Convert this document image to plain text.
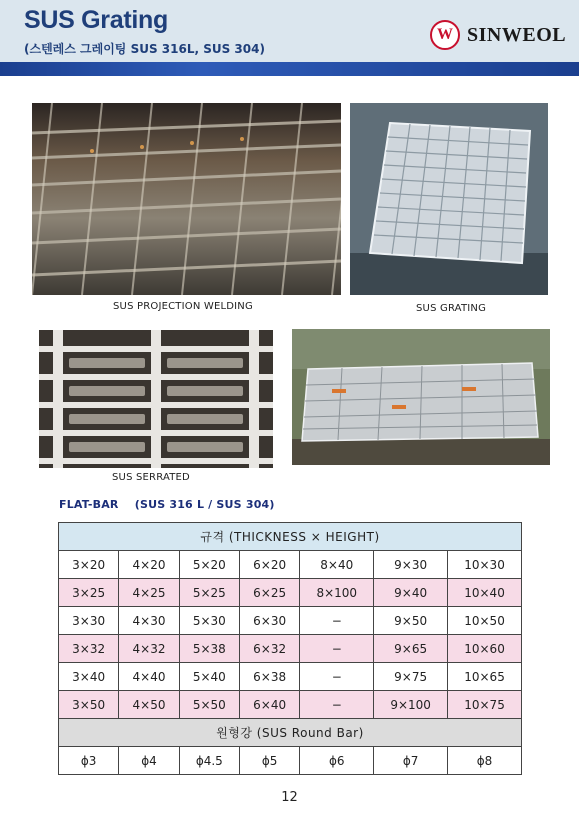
SUS Grating
(스텐레스 그레이팅 SUS 316L, SUS 304)
W SINWEOL
SUS PROJECTION WELDING	SUS GRATING
SUS SERRATED
FLAT-BAR    (SUS 316 L / SUS 304)
규격 (THICKNESS × HEIGHT)						
3×20	4×20	5×20	6×20	8×40	9×30	10×30
3×25	4×25	5×25	6×25	8×100	9×40	10×40
3×30	4×30	5×30	6×30	−	9×50	10×50
3×32	4×32	5×38	6×32	−	9×65	10×60
3×40	4×40	5×40	6×38	−	9×75	10×65
3×50	4×50	5×50	6×40	−	9×100	10×75
원형강 (SUS Round Bar)						
ϕ3	ϕ4	ϕ4.5	ϕ5	ϕ6	ϕ7	ϕ8
12
